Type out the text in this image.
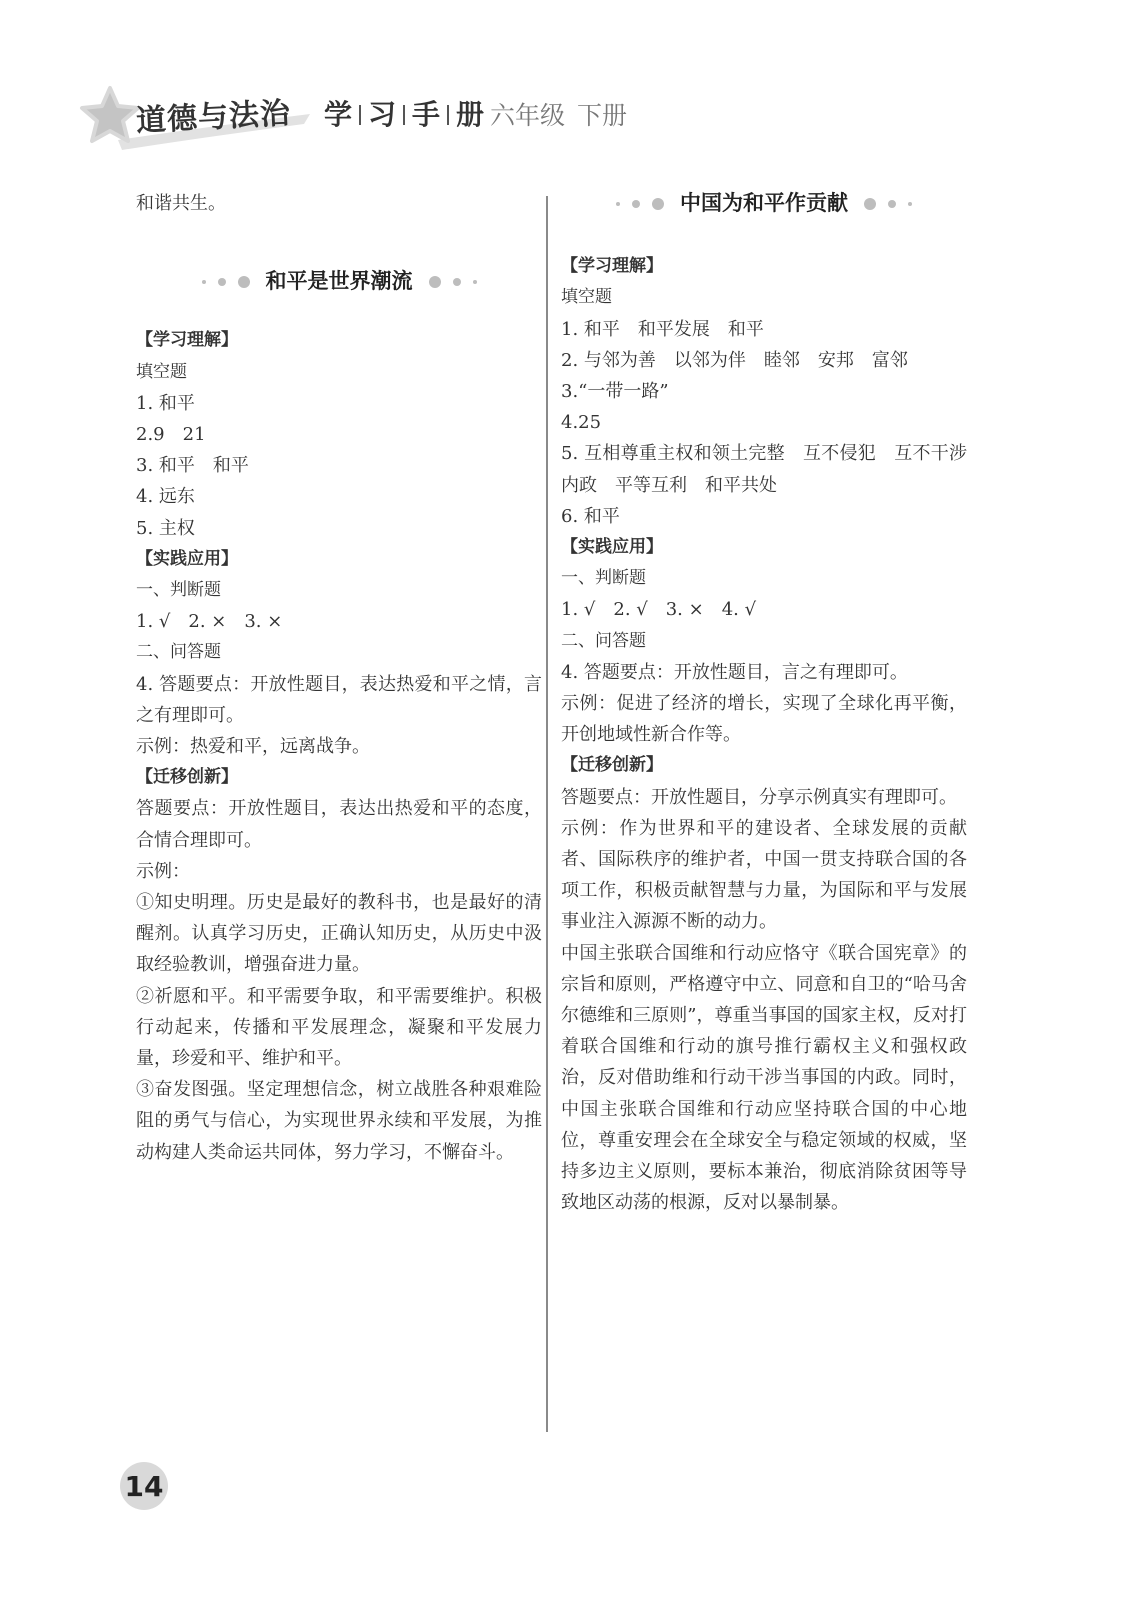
道德与法治 学 习 手 册 六年级 下册

和谐共生。

和平是世界潮流

【学习理解】

填空题

1. 和平

2.9　21

3. 和平　和平

4. 远东

5. 主权

【实践应用】

一、判断题

1. √　2. ×　3. ×

二、问答题

4. 答题要点：开放性题目，表达热爱和平之情，言之有理即可。

示例：热爱和平，远离战争。

【迁移创新】

答题要点：开放性题目，表达出热爱和平的态度，合情合理即可。

示例：

①知史明理。历史是最好的教科书，也是最好的清醒剂。认真学习历史，正确认知历史，从历史中汲取经验教训，增强奋进力量。

②祈愿和平。和平需要争取，和平需要维护。积极行动起来，传播和平发展理念，凝聚和平发展力量，珍爱和平、维护和平。

③奋发图强。坚定理想信念，树立战胜各种艰难险阻的勇气与信心，为实现世界永续和平发展，为推动构建人类命运共同体，努力学习，不懈奋斗。

中国为和平作贡献

【学习理解】

填空题

1. 和平　和平发展　和平

2. 与邻为善　以邻为伴　睦邻　安邦　富邻

3.“一带一路”

4.25

5. 互相尊重主权和领土完整　互不侵犯　互不干涉内政　平等互利　和平共处

6. 和平

【实践应用】

一、判断题

1. √　2. √　3. ×　4. √

二、问答题

4. 答题要点：开放性题目，言之有理即可。

示例：促进了经济的增长，实现了全球化再平衡，开创地域性新合作等。

【迁移创新】

答题要点：开放性题目，分享示例真实有理即可。

示例：作为世界和平的建设者、全球发展的贡献者、国际秩序的维护者，中国一贯支持联合国的各项工作，积极贡献智慧与力量，为国际和平与发展事业注入源源不断的动力。

中国主张联合国维和行动应恪守《联合国宪章》的宗旨和原则，严格遵守中立、同意和自卫的“哈马舍尔德维和三原则”，尊重当事国的国家主权，反对打着联合国维和行动的旗号推行霸权主义和强权政治，反对借助维和行动干涉当事国的内政。同时，中国主张联合国维和行动应坚持联合国的中心地位，尊重安理会在全球安全与稳定领域的权威，坚持多边主义原则，要标本兼治，彻底消除贫困等导致地区动荡的根源，反对以暴制暴。

14
